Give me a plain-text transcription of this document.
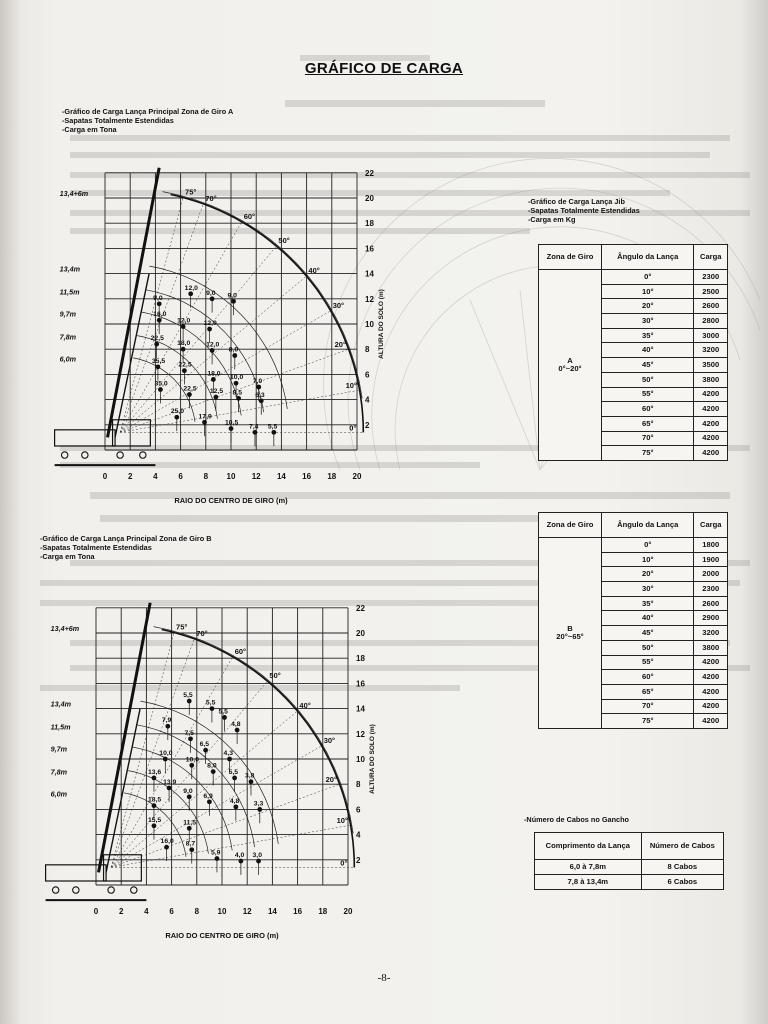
GRÁFICO DE CARGA
-Gráfico de Carga Lança Principal Zona de Giro A
-Sapatas Totalmente Estendidas
-Carga em Tona
0	2	4	6	8 10 12 14 16 18 20
22
20
18
16
14
12
10
8
6
4
2
RAIO DO CENTRO DE GIRO (m)
ALTURA DO SOLO (m)
75°
70°
60°
50°
40°
30°
20°
10°
0°
13,4+6m
13,4m
11,5m
9,7m
7,8m
6,0m
9,0
12,0
9,0 9,0
16,0
12,0 12,0
22,5
18,0 12,0
8,0
35,5
22,5
18,0
10,0
7,0
35,0
22,5 12,5 8,5 6,3
25,0
17,9
10,5
7,4 5,5
-Gráfico de Carga Lança Jib
-Sapatas Totalmente Estendidas
-Carga em Kg
Zona de Giro	Ângulo da Lança	Carga

A
0°~20°	0°	2300
	10°	2500
	20°	2600
	30°	2800
	35°	3000
	40°	3200
	45°	3500
	50°	3800
	55°	4200
	60°	4200
	65°	4200
	70°	4200
	75°	4200
-Gráfico de Carga Lança Principal Zona de Giro B
-Sapatas Totalmente Estendidas
-Carga em Tona
0	2	4	6	8 10 12 14 16 18 20
22
20
18
16
14
12
10
8
6
4
2
RAIO DO CENTRO DE GIRO (m)
ALTURA DO SOLO (m)
75°
70°
60°
50°
40°
30°
20°
10°
0°
13,4+6m
13,4m
11,5m
9,7m
7,8m
6,0m
5,5
5,5
5,5
4,8
7,9
7,5
6,5
4,3
10,0
10,0
8,0
5,5
3,8
13,6
13,9
9,0
6,9
4,8 3,3
18,5
15,5	11,5
16,0 8,7
5,9 4,0 3,0
Zona de Giro	Ângulo da Lança	Carga

B
20°~65°	0°	1800
	10°	1900
	20°	2000
	30°	2300
	35°	2600
	40°	2900
	45°	3200
	50°	3800
	55°	4200
	60°	4200
	65°	4200
	70°	4200
	75°	4200
-Número de Cabos no Gancho
Comprimento da Lança	Número de Cabos
6,0 à 7,8m	8 Cabos
7,8 à 13,4m	6 Cabos
-8-
